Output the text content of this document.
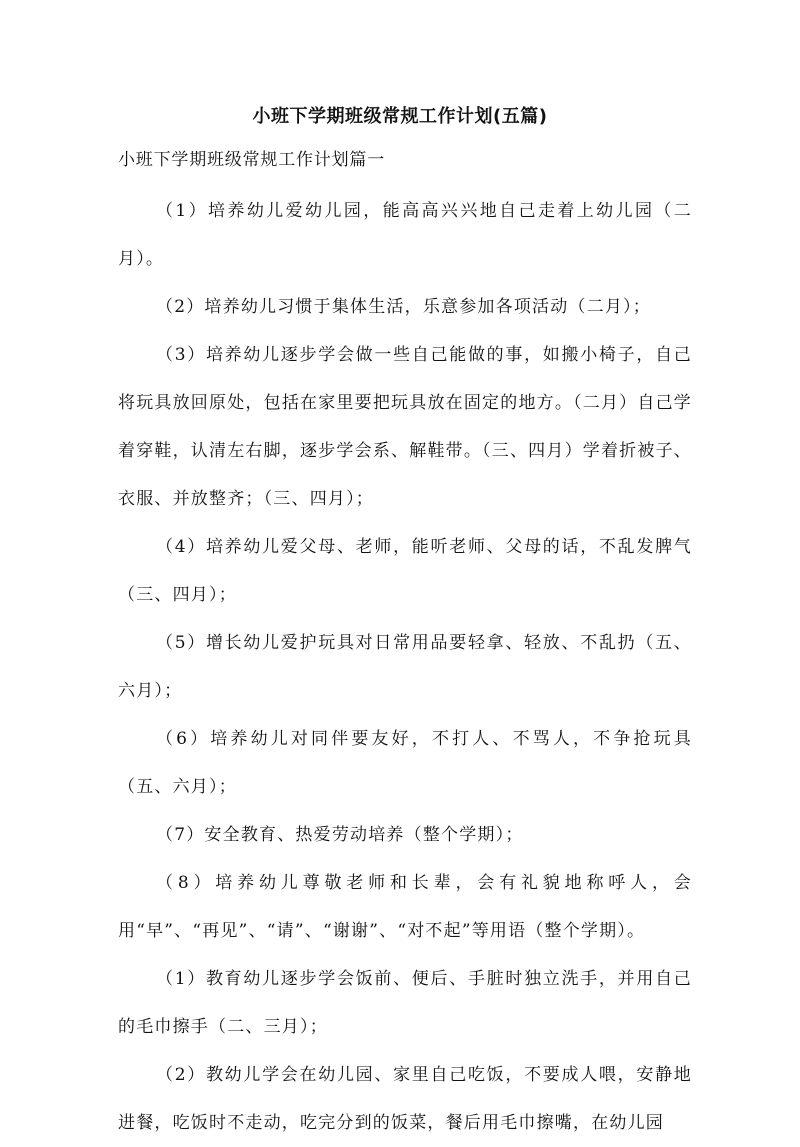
小班下学期班级常规工作计划(五篇)
小班下学期班级常规工作计划篇一

（1）培养幼儿爱幼儿园，能高高兴兴地自己走着上幼儿园（二月）。

（2）培养幼儿习惯于集体生活，乐意参加各项活动（二月）；

（3）培养幼儿逐步学会做一些自己能做的事，如搬小椅子，自己将玩具放回原处，包括在家里要把玩具放在固定的地方。（二月）自己学着穿鞋，认清左右脚，逐步学会系、解鞋带。（三、四月）学着折被子、衣服、并放整齐；（三、四月）；

（4）培养幼儿爱父母、老师，能听老师、父母的话，不乱发脾气（三、四月）；

（5）增长幼儿爱护玩具对日常用品要轻拿、轻放、不乱扔（五、六月）；

（6）培养幼儿对同伴要友好，不打人、不骂人，不争抢玩具（五、六月）；

（7）安全教育、热爱劳动培养（整个学期）；

（8）培养幼儿尊敬老师和长辈，会有礼貌地称呼人，会用“早”、“再见”、“请”、“谢谢”、“对不起”等用语（整个学期）。

（1）教育幼儿逐步学会饭前、便后、手脏时独立洗手，并用自己的毛巾擦手（二、三月）；

（2）教幼儿学会在幼儿园、家里自己吃饭，不要成人喂，安静地进餐，吃饭时不走动，吃完分到的饭菜，餐后用毛巾擦嘴，在幼儿园
